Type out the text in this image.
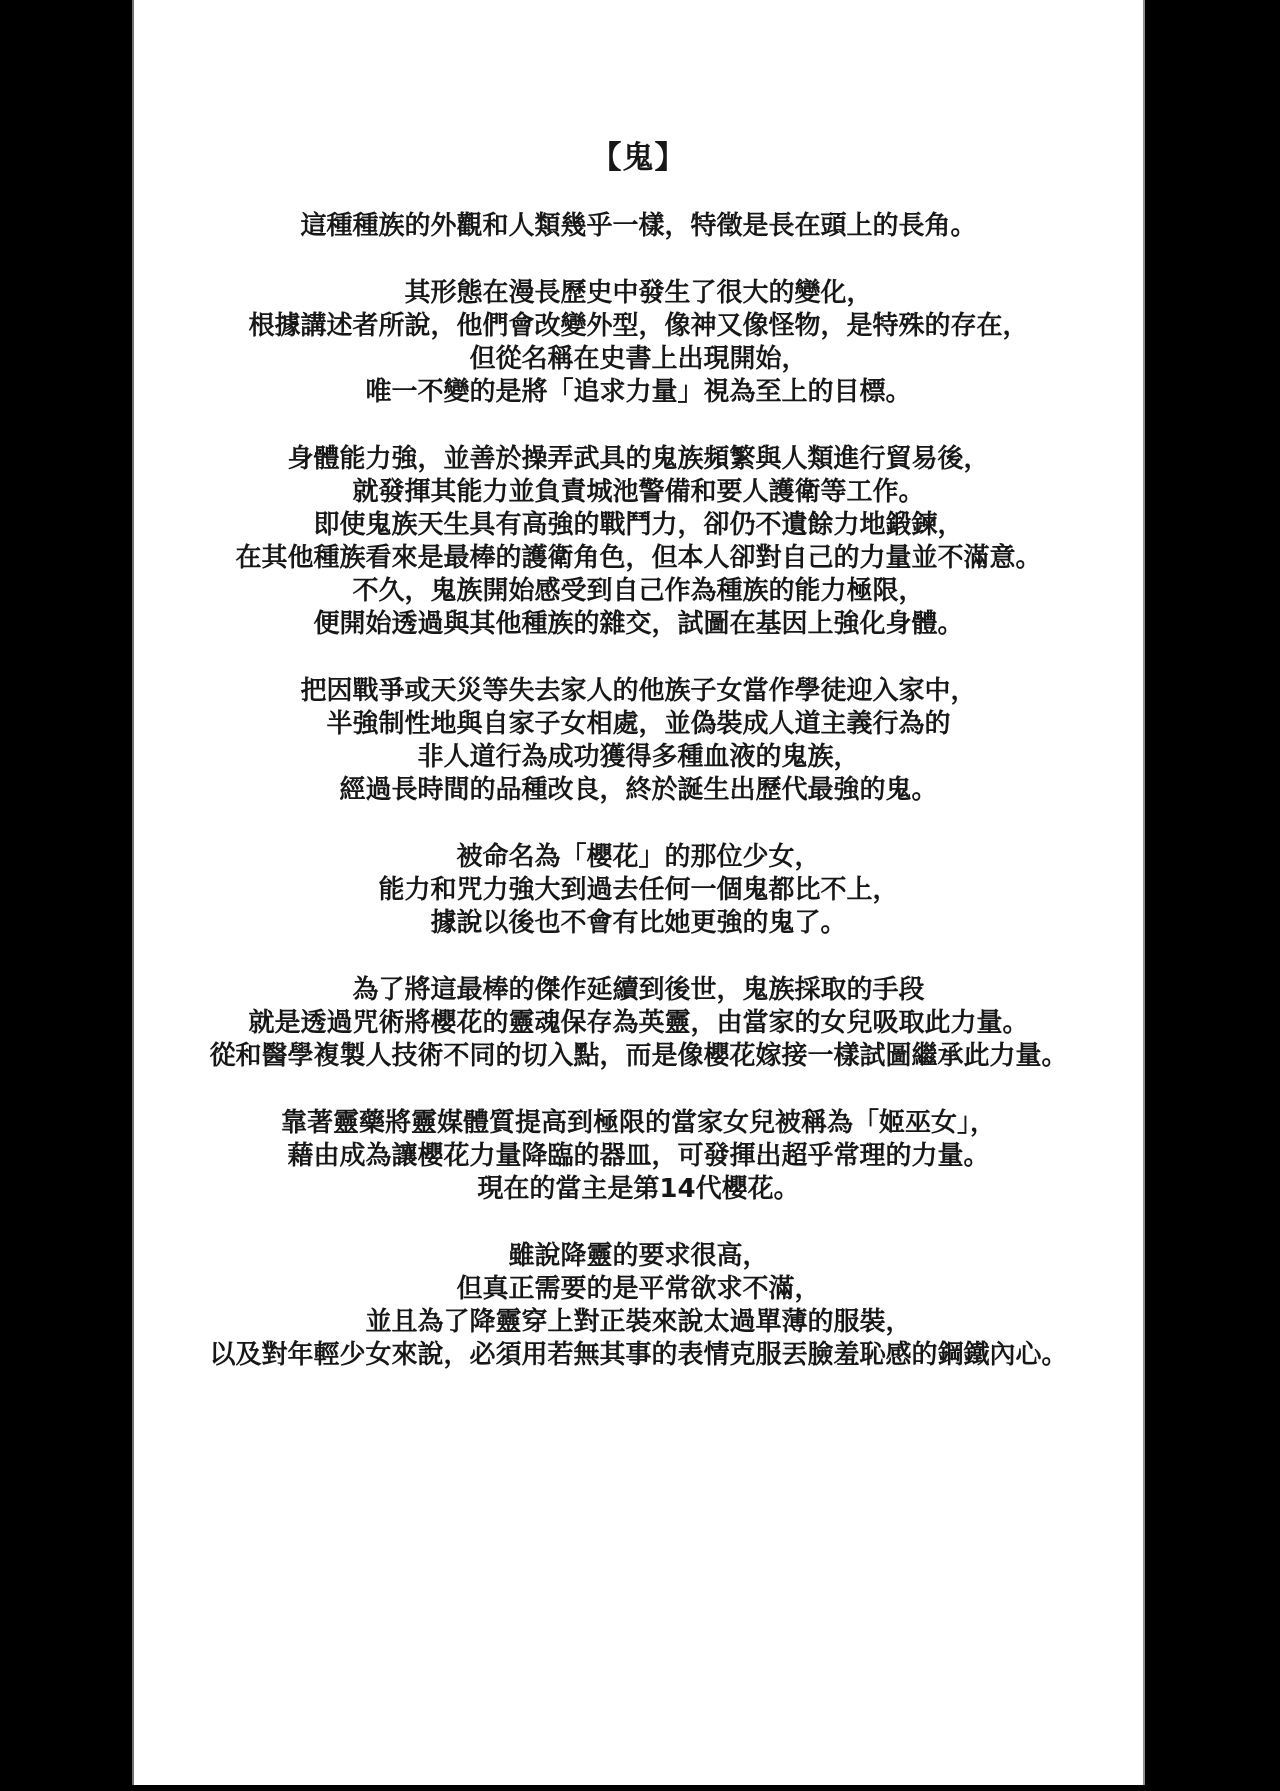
【鬼】
這種種族的外觀和人類幾乎一樣，特徵是長在頭上的長角。
其形態在漫長歷史中發生了很大的變化，
根據講述者所說，他們會改變外型，像神又像怪物，是特殊的存在，
但從名稱在史書上出現開始，
唯一不變的是將「追求力量」視為至上的目標。
身體能力強，並善於操弄武具的鬼族頻繁與人類進行貿易後，
就發揮其能力並負責城池警備和要人護衛等工作。
即使鬼族天生具有高強的戰鬥力，卻仍不遺餘力地鍛鍊，
在其他種族看來是最棒的護衛角色，但本人卻對自己的力量並不滿意。
不久，鬼族開始感受到自己作為種族的能力極限，
便開始透過與其他種族的雜交，試圖在基因上強化身體。
把因戰爭或天災等失去家人的他族子女當作學徒迎入家中，
半強制性地與自家子女相處，並偽裝成人道主義行為的
非人道行為成功獲得多種血液的鬼族，
經過長時間的品種改良，終於誕生出歷代最強的鬼。
被命名為「櫻花」的那位少女，
能力和咒力強大到過去任何一個鬼都比不上，
據說以後也不會有比她更強的鬼了。
為了將這最棒的傑作延續到後世，鬼族採取的手段
就是透過咒術將櫻花的靈魂保存為英靈，由當家的女兒吸取此力量。
從和醫學複製人技術不同的切入點，而是像櫻花嫁接一樣試圖繼承此力量。
靠著靈藥將靈媒體質提高到極限的當家女兒被稱為「姬巫女」，
藉由成為讓櫻花力量降臨的器皿，可發揮出超乎常理的力量。
現在的當主是第14代櫻花。
雖說降靈的要求很高，
但真正需要的是平常欲求不滿，
並且為了降靈穿上對正裝來說太過單薄的服裝，
以及對年輕少女來說，必須用若無其事的表情克服丟臉羞恥感的鋼鐵內心。
